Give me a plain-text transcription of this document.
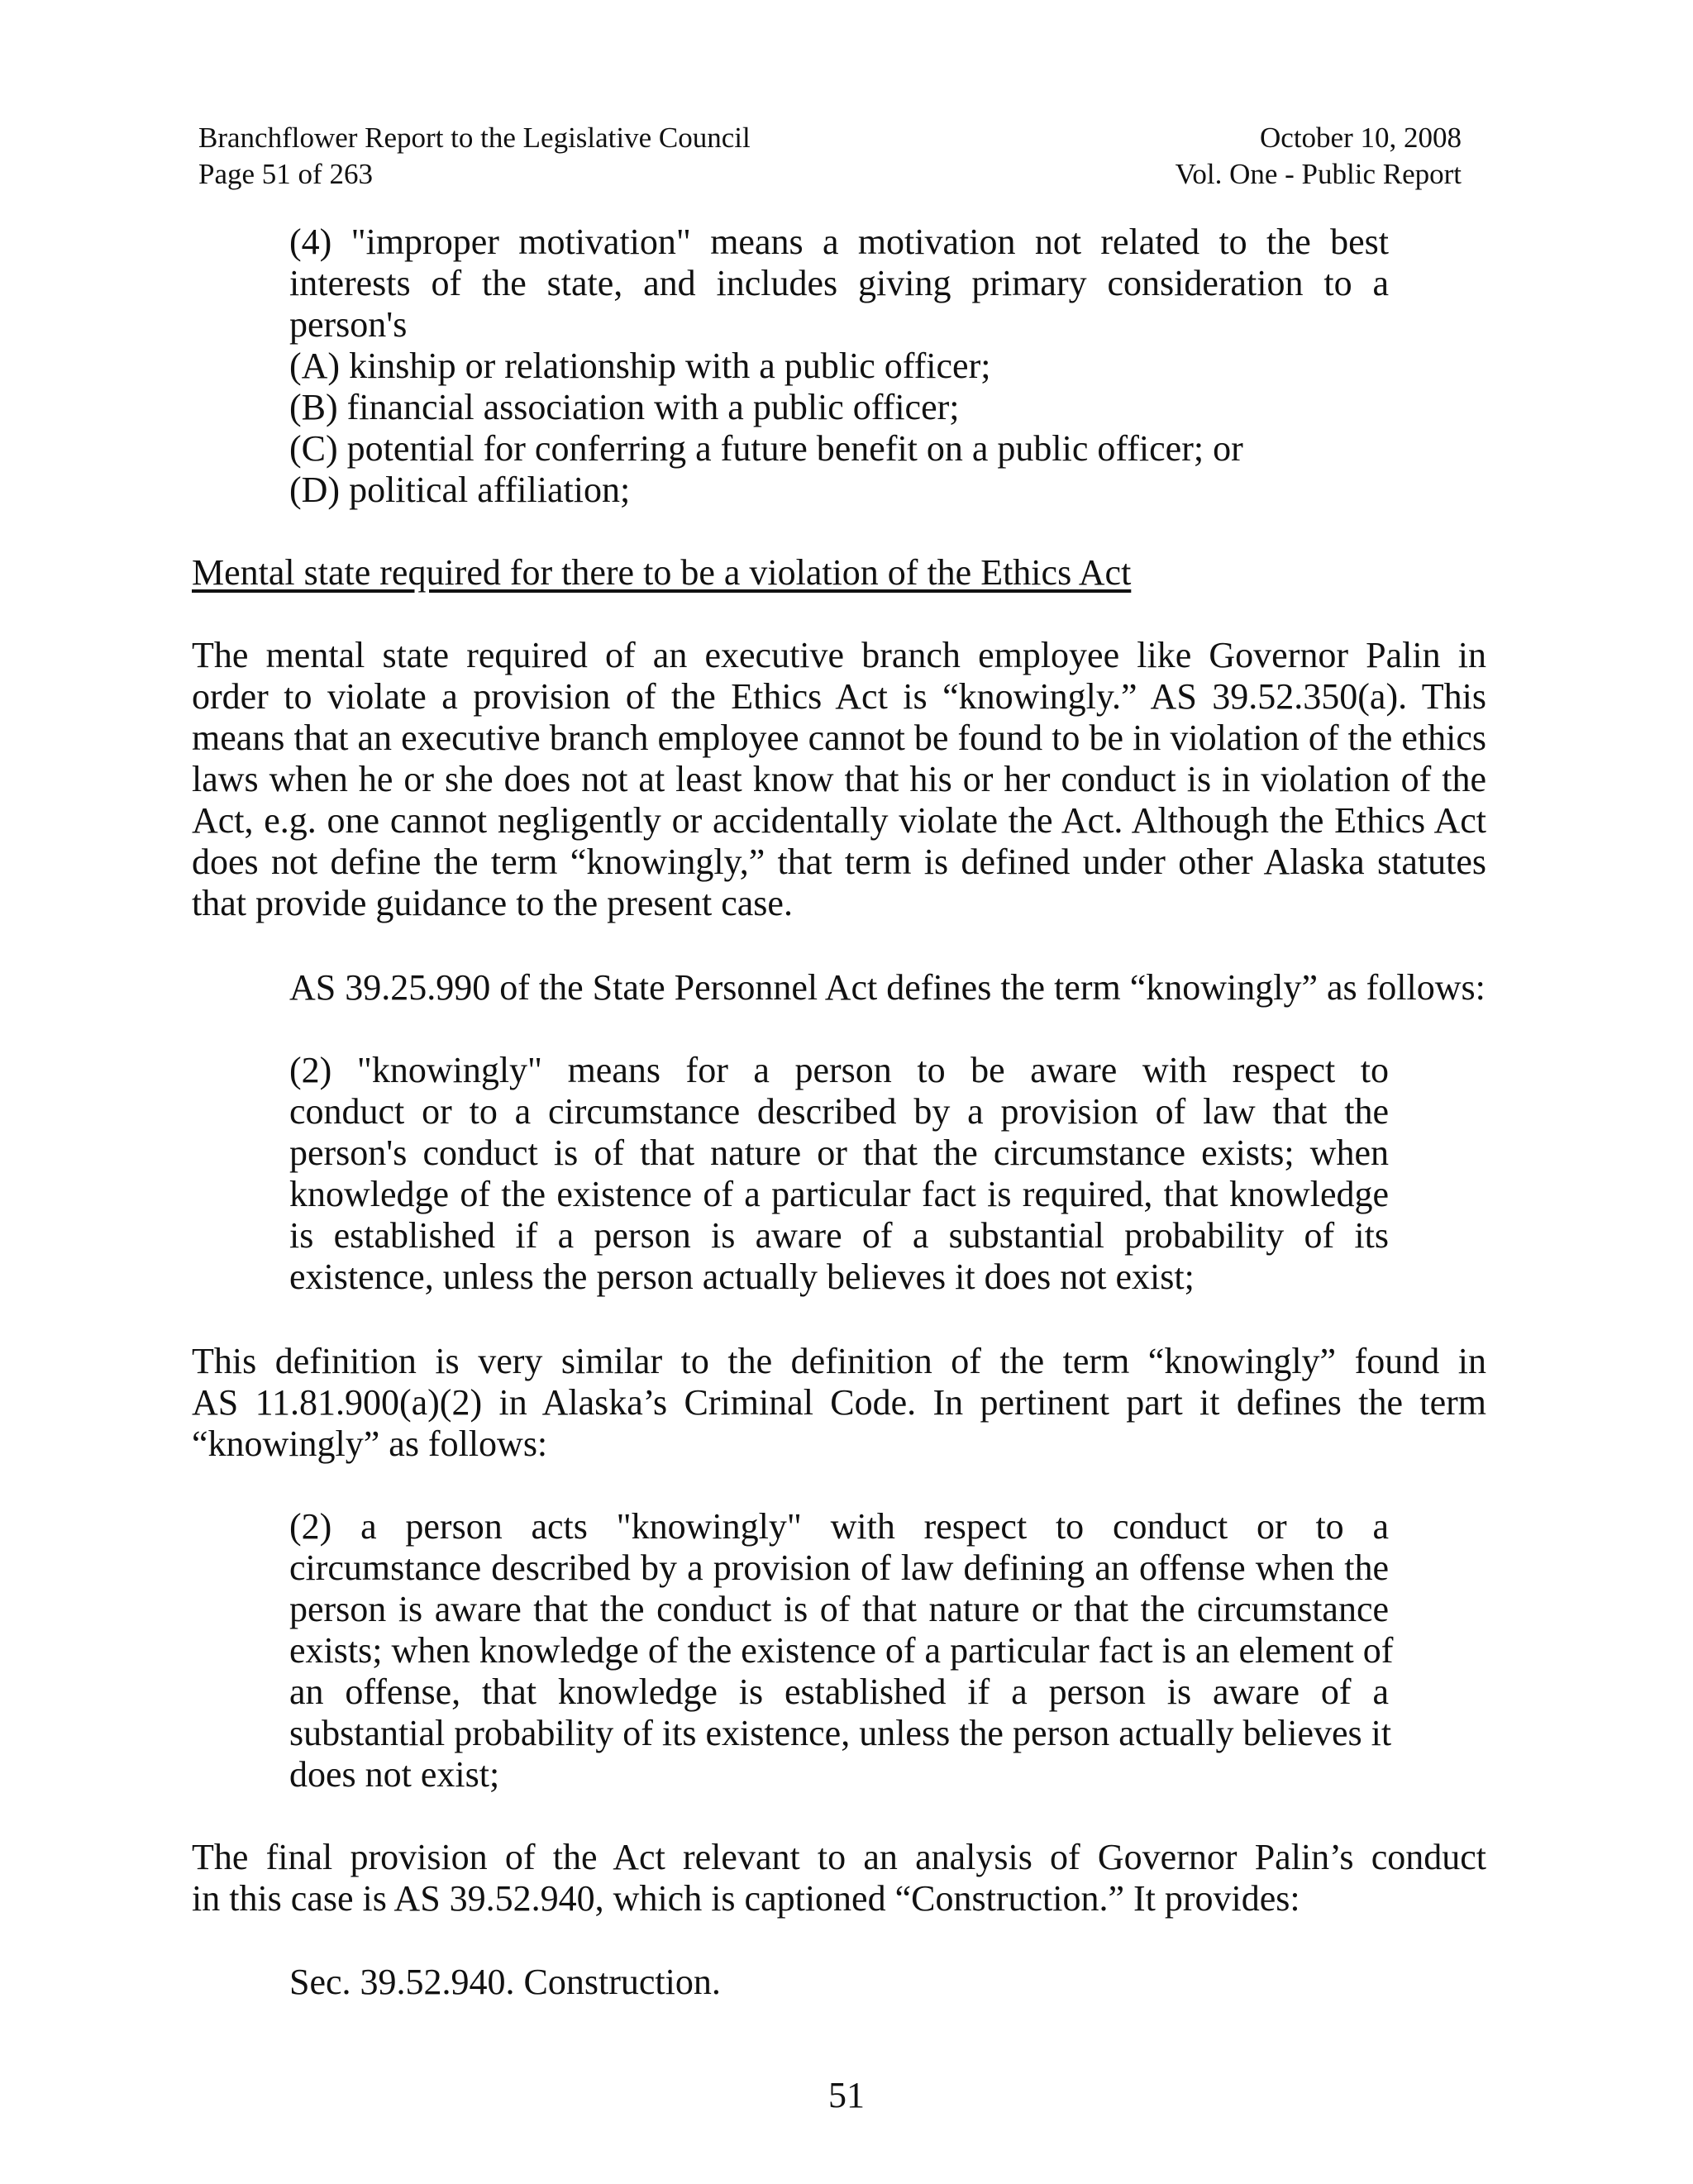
Branchflower Report to the Legislative Council
Page 51 of 263
October 10, 2008
Vol. One - Public Report
(4) "improper motivation" means a motivation not related to the best
interests of the state, and includes giving primary consideration to a
person's
(A) kinship or relationship with a public officer;
(B) financial association with a public officer;
(C) potential for conferring a future benefit on a public officer; or
(D) political affiliation;
Mental state required for there to be a violation of the Ethics Act
The mental state required of an executive branch employee like Governor Palin in
order to violate a provision of the Ethics Act is “knowingly.” AS 39.52.350(a). This
means that an executive branch employee cannot be found to be in violation of the ethics
laws when he or she does not at least know that his or her conduct is in violation of the
Act, e.g. one cannot negligently or accidentally violate the Act. Although the Ethics Act
does not define the term “knowingly,” that term is defined under other Alaska statutes
that provide guidance to the present case.
AS 39.25.990 of the State Personnel Act defines the term “knowingly” as follows:
(2) "knowingly" means for a person to be aware with respect to
conduct or to a circumstance described by a provision of law that the
person's conduct is of that nature or that the circumstance exists; when
knowledge of the existence of a particular fact is required, that knowledge
is established if a person is aware of a substantial probability of its
existence, unless the person actually believes it does not exist;
This definition is very similar to the definition of the term “knowingly” found in
AS 11.81.900(a)(2) in Alaska’s Criminal Code. In pertinent part it defines the term
“knowingly” as follows:
(2) a person acts "knowingly" with respect to conduct or to a
circumstance described by a provision of law defining an offense when the
person is aware that the conduct is of that nature or that the circumstance
exists; when knowledge of the existence of a particular fact is an element of
an offense, that knowledge is established if a person is aware of a
substantial probability of its existence, unless the person actually believes it
does not exist;
The final provision of the Act relevant to an analysis of Governor Palin’s conduct
in this case is AS 39.52.940, which is captioned “Construction.” It provides:
Sec. 39.52.940. Construction.
51
